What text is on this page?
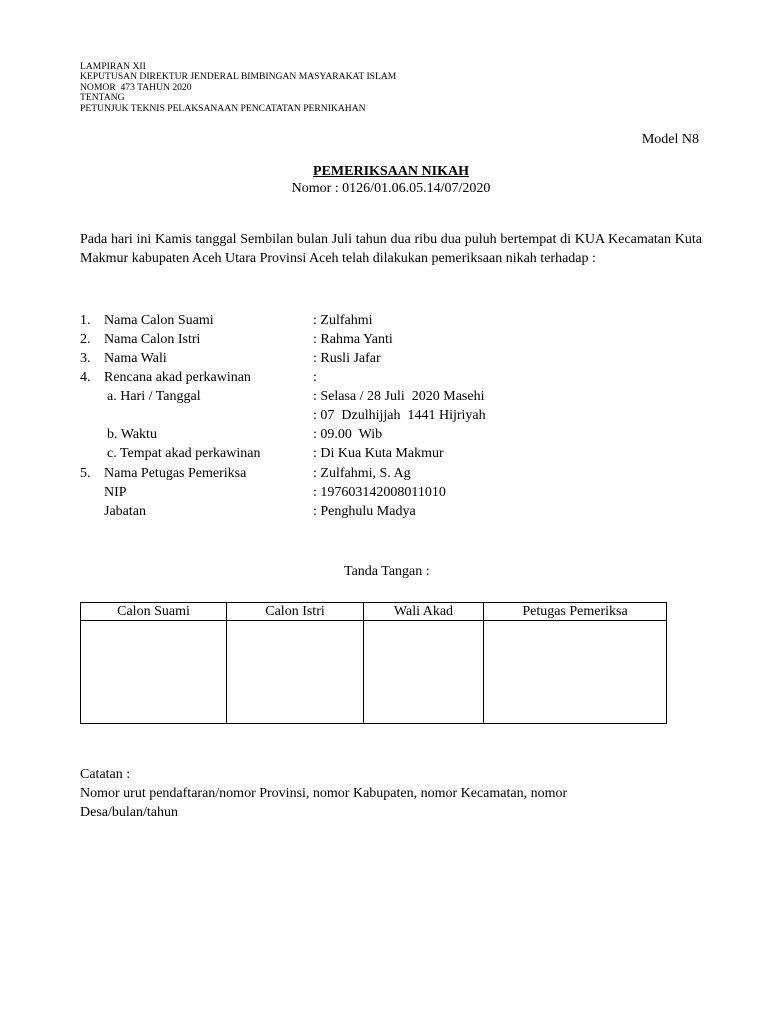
LAMPIRAN XII
KEPUTUSAN DIREKTUR JENDERAL BIMBINGAN MASYARAKAT ISLAM
NOMOR  473 TAHUN 2020
TENTANG
PETUNJUK TEKNIS PELAKSANAAN PENCATATAN PERNIKAHAN
Model N8
PEMERIKSAAN NIKAH
Nomor : 0126/01.06.05.14/07/2020
Pada hari ini Kamis tanggal Sembilan bulan Juli tahun dua ribu dua puluh bertempat di KUA Kecamatan Kuta Makmur kabupaten Aceh Utara Provinsi Aceh telah dilakukan pemeriksaan nikah terhadap :
1. Nama Calon Suami	: Zulfahmi
2. Nama Calon Istri	: Rahma Yanti
3. Nama Wali	: Rusli Jafar
4. Rencana akad perkawinan	:
a. Hari / Tanggal	: Selasa / 28 Juli  2020 Masehi
: 07  Dzulhijjah  1441 Hijriyah
b. Waktu	: 09.00  Wib
c. Tempat akad perkawinan	: Di Kua Kuta Makmur
5. Nama Petugas Pemeriksa	: Zulfahmi, S. Ag
NIP	: 197603142008011010
Jabatan	: Penghulu Madya
Tanda Tangan :
Calon Suami	Calon Istri	Wali Akad	Petugas Pemeriksa

Catatan :
Nomor urut pendaftaran/nomor Provinsi, nomor Kabupaten, nomor Kecamatan, nomor Desa/bulan/tahun
